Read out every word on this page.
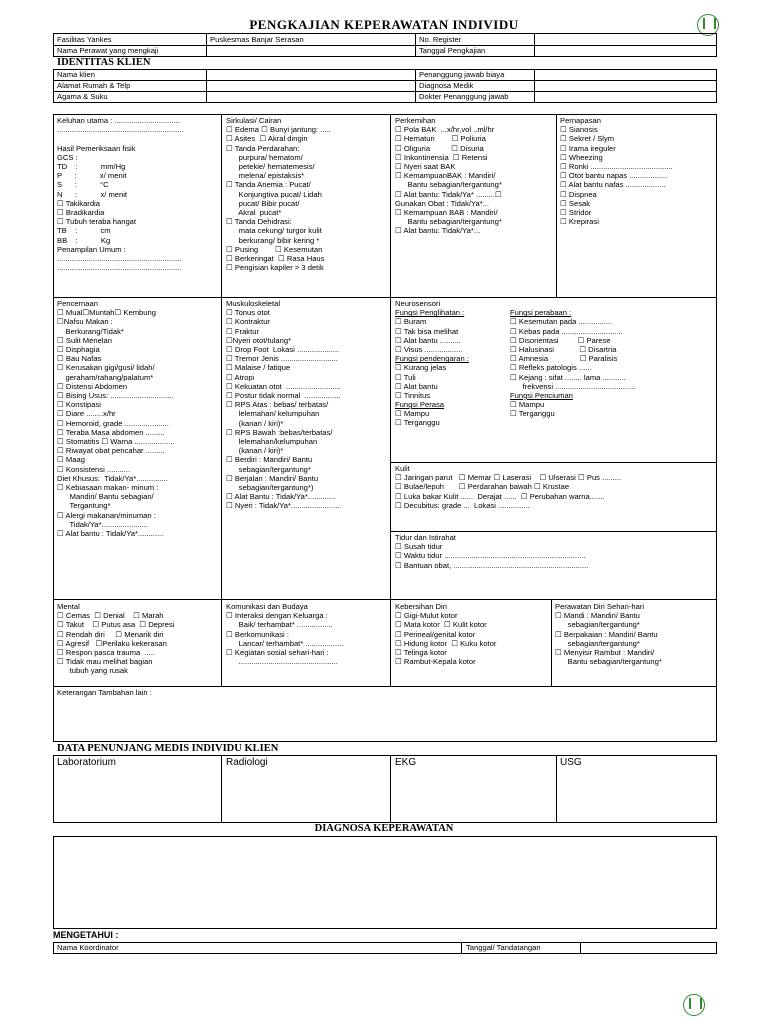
PENGKAJIAN KEPERAWATAN INDIVIDU
Fasilitas Yankes	Puskesmas Banjar Serasan	No. Register
Nama Perawat yang mengkaji	Tanggal Pengkajian
IDENTITAS KLIEN
Nama klien	Penanggung jawab biaya
Alamat Rumah & Telp	Diagnosa Medik
Agama & Suku	Dokter Penanggung jawab
Keluhan utama : ...............................
............................................................

Hasil Pemeriksaan fisik
GCS :
TD    :           mm/Hg
P      :           x/ menit
S      :           °C
N      :           x/ menit
☐ Takikardia
☐ Bradikardia
☐ Tubuh teraba hangat
TB    :           cm
BB    :           Kg
Penampilan Umum :
...........................................................
...........................................................
Sirkulasi/ Cairan
☐ Edema ☐ Bunyi jantung: .....
☐ Asites  ☐ Akral dingin
☐ Tanda Perdarahan:
purpura/ hematom/
petekie/ hematemesis/
melena/ epistaksis*
☐ Tanda Anemia : Pucat/
Konjungtiva pucat/ Lidah
pucat/ Bibir pucat/
Akral  pucat*
☐ Tanda Dehidrasi:
mata cekung/ turgor kulit
berkurang/ bibir kering *
☐ Pusing        ☐ Kesemutan
☐ Berkeringat  ☐ Rasa Haus
☐ Pengisian kapiler > 3 detik
Perkemihan
☐ Pola BAK  ...x/hr,vol ..ml/hr
☐ Hematuri        ☐ Poliuria
☐ Oliguria          ☐ Disuria
☐ Inkontinensia  ☐ Retensi
☐ Nyeri saat BAK
☐ KemampuanBAK : Mandiri/
Bantu sebagian/tergantung*
☐ Alat bantu: Tidak/Ya* .........☐
Gunakan Obat : Tidak/Ya*...
☐ Kemampuan BAB : Mandiri/
Bantu sebagian/tergantung*
☐ Alat bantu: Tidak/Ya*...
Pernapasan
☐ Sianosis
☐ Sekret / Slym
☐ Irama ireguler
☐ Wheezing
☐ Ronki .......................................
☐ Otot bantu napas ..................
☐ Alat bantu nafas ...................
☐ Dispnea
☐ Sesak
☐ Stridor
☐ Krepirasi
Pencernaan
☐ Mual☐Muntah☐ Kembung
☐Nafsu Makan :
Berkurang/Tidak*
☐ Sulit Menelan
☐ Disphagia
☐ Bau Nafas
☐ Kerusakan gigi/gusi/ lidah/
geraham/rahang/palatum*
☐ Distensi Abdomen
☐ Bising Usus: ..............................
☐ Konstipasi
☐ Diare ........x/hr
☐ Hemoroid, grade .....................
☐ Teraba Masa abdomen .........
☐ Stomatitis ☐ Warna ...................
☐ Riwayat obat pencahar .........
☐ Maag
☐ Konsistensi ...........
Diet Khusus:  Tidak/Ya*...............
☐ Kebiasaan makan- minum :
Mandiri/ Bantu sebagian/
Tergantung*
☐ Alergi makanan/minuman :
Tidak/Ya*......................
☐ Alat bantu : Tidak/Ya*............
Muskuloskeletal
☐ Tonus otot
☐ Kontraktur
☐ Fraktur
☐Nyeri otot/tulang*
☐ Drop Foot  Lokasi ....................
☐ Tremor Jenis ...........................
☐ Malaise / fatique
☐ Atropi
☐ Kekuatan otot  ..........................
☐ Postur tidak normal  .................
☐ RPS Atas : bebas/ terbatas/
lelemahan/ kelumpuhan
(kanan / kiri)*
☐ RPS Bawah :bebas/terbatas/
lelemahan/kelumpuhan
(kanan / kiri)*
☐ Berdiri : Mandiri/ Bantu
sebagian/tergantung*
☐ Berjalan : Mandiri/ Bantu
sebagian/tergantung*)
☐ Alat Bantu : Tidak/Ya*.............
☐ Nyeri : Tidak/Ya*.......................
Neurosensori
Fungsi Penglihatan :	Fungsi perabaan :
☐ Buram	☐ Kesemutan pada ................
☐ Tak bisa melihat	☐ Kebas pada .............................
☐ Alat bantu ..........	☐ Disorientasi         ☐ Parese
☐ Visus ..................	☐ Halusinasi            ☐ Disartria
Fungsi pendengaran :	☐ Amnesia               ☐ Paralisis
☐ Kurang jelas	☐ Refleks patologis ......
☐ Tuli	☐ Kejang : sifat ........ lama ...........
☐ Alat bantu	frekvensi ......................................
☐ Tinnitus	Fungsi Penciuman
Fungsi Perasa	☐ Mampu
☐ Mampu	☐ Terganggu
☐ Terganggu
Kulit
☐ Jaringan parut   ☐ Memar ☐ Laserasi    ☐ Ulserasi ☐ Pus .........
☐ Bulae/lepuh       ☐ Perdarahan bawah ☐ Krustae
☐ Luka bakar Kulit ......  Derajat ......  ☐ Perubahan warna.......
☐ Decubitus: grade ...  Lokasi ...............
Tidur dan Istirahat
☐ Susah tidur
☐ Waktu tidur ...................................................................
☐ Bantuan obat, ................................................................
Mental
☐ Cemas  ☐ Denial    ☐ Marah
☐ Takut    ☐ Putus asa  ☐ Depresi
☐ Rendah diri     ☐ Menarik diri
☐ Agresif   ☐Perilaku kekerasan
☐ Respon pasca trauma  .....
☐ Tidak mau melihat bagian
tubuh yang rusak
Komunikasi dan Budaya
☐ Interaksi dengan Keluarga :
Baik/ terhambat* .................
☐ Berkomunikasi :
Lancar/ terhambat* ..................
☐ Kegiatan sosial sehari-hari :
...............................................
Kebersihan Diri
☐ Gigi-Mulut kotor
☐ Mata kotor  ☐ Kulit kotor
☐ Perineal/genital kotor
☐ Hidung kotor  ☐ Kuku kotor
☐ Telinga kotor
☐ Rambut-Kepala kotor
Perawatan Diri Sehari-hari
☐ Mandi : Mandiri/ Bantu
sebagian/tergantung*
☐ Berpakaian : Mandiri/ Bantu
sebagian/tergantung*
☐ Menyisir Rambut : Mandiri/
Bantu sebagian/tergantung*
Keterangan Tambahan lain :
DATA PENUNJANG MEDIS INDIVIDU KLIEN
Laboratorium	Radiologi	EKG	USG
DIAGNOSA KEPERAWATAN
MENGETAHUI :
Nama Koordinator	Tanggal/ Tandatangan
